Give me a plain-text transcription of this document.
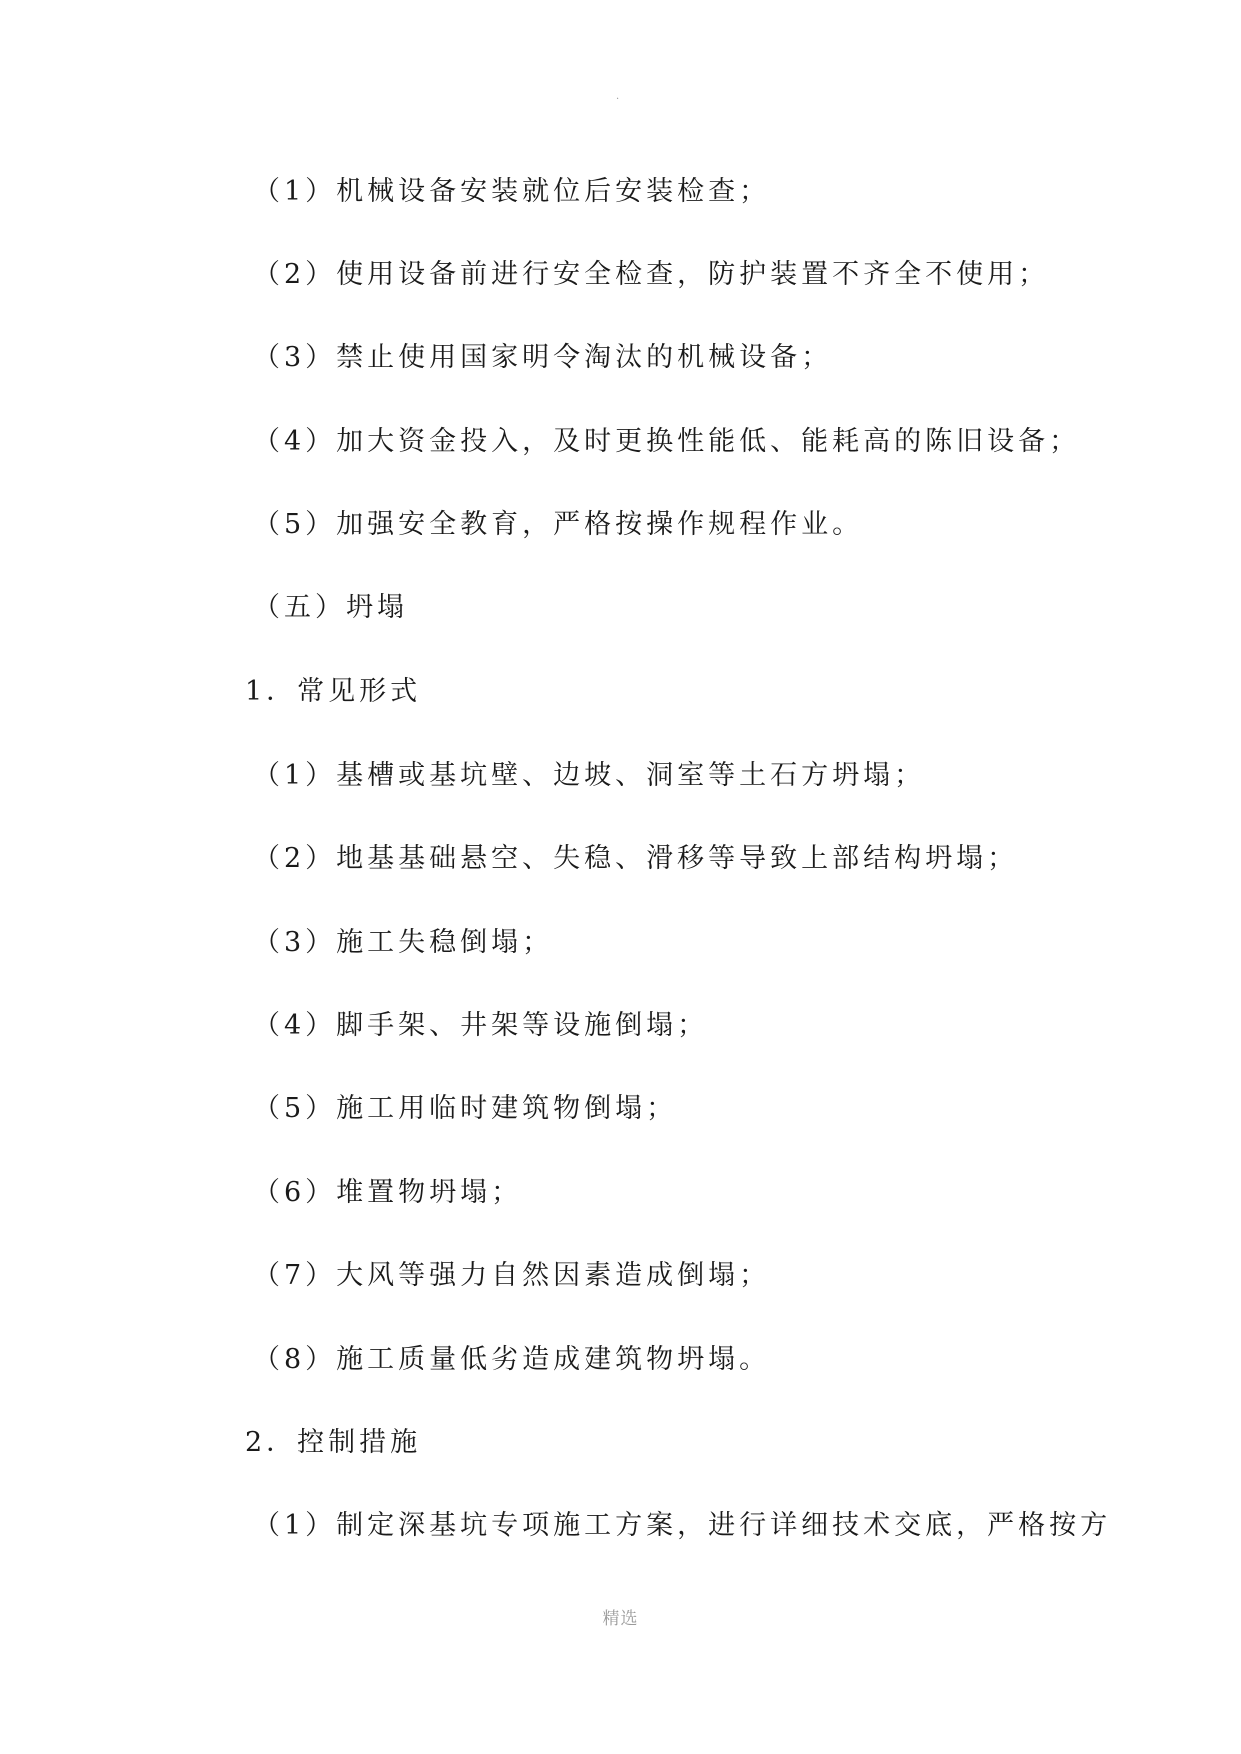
.
（1）机械设备安装就位后安装检查；
（2）使用设备前进行安全检查，防护装置不齐全不使用；
（3）禁止使用国家明令淘汰的机械设备；
（4）加大资金投入，及时更换性能低、能耗高的陈旧设备；
（5）加强安全教育，严格按操作规程作业。
（五）坍塌
1．常见形式
（1）基槽或基坑壁、边坡、洞室等土石方坍塌；
（2）地基基础悬空、失稳、滑移等导致上部结构坍塌；
（3）施工失稳倒塌；
（4）脚手架、井架等设施倒塌；
（5）施工用临时建筑物倒塌；
（6）堆置物坍塌；
（7）大风等强力自然因素造成倒塌；
（8）施工质量低劣造成建筑物坍塌。
2．控制措施
（1）制定深基坑专项施工方案，进行详细技术交底，严格按方
精选
